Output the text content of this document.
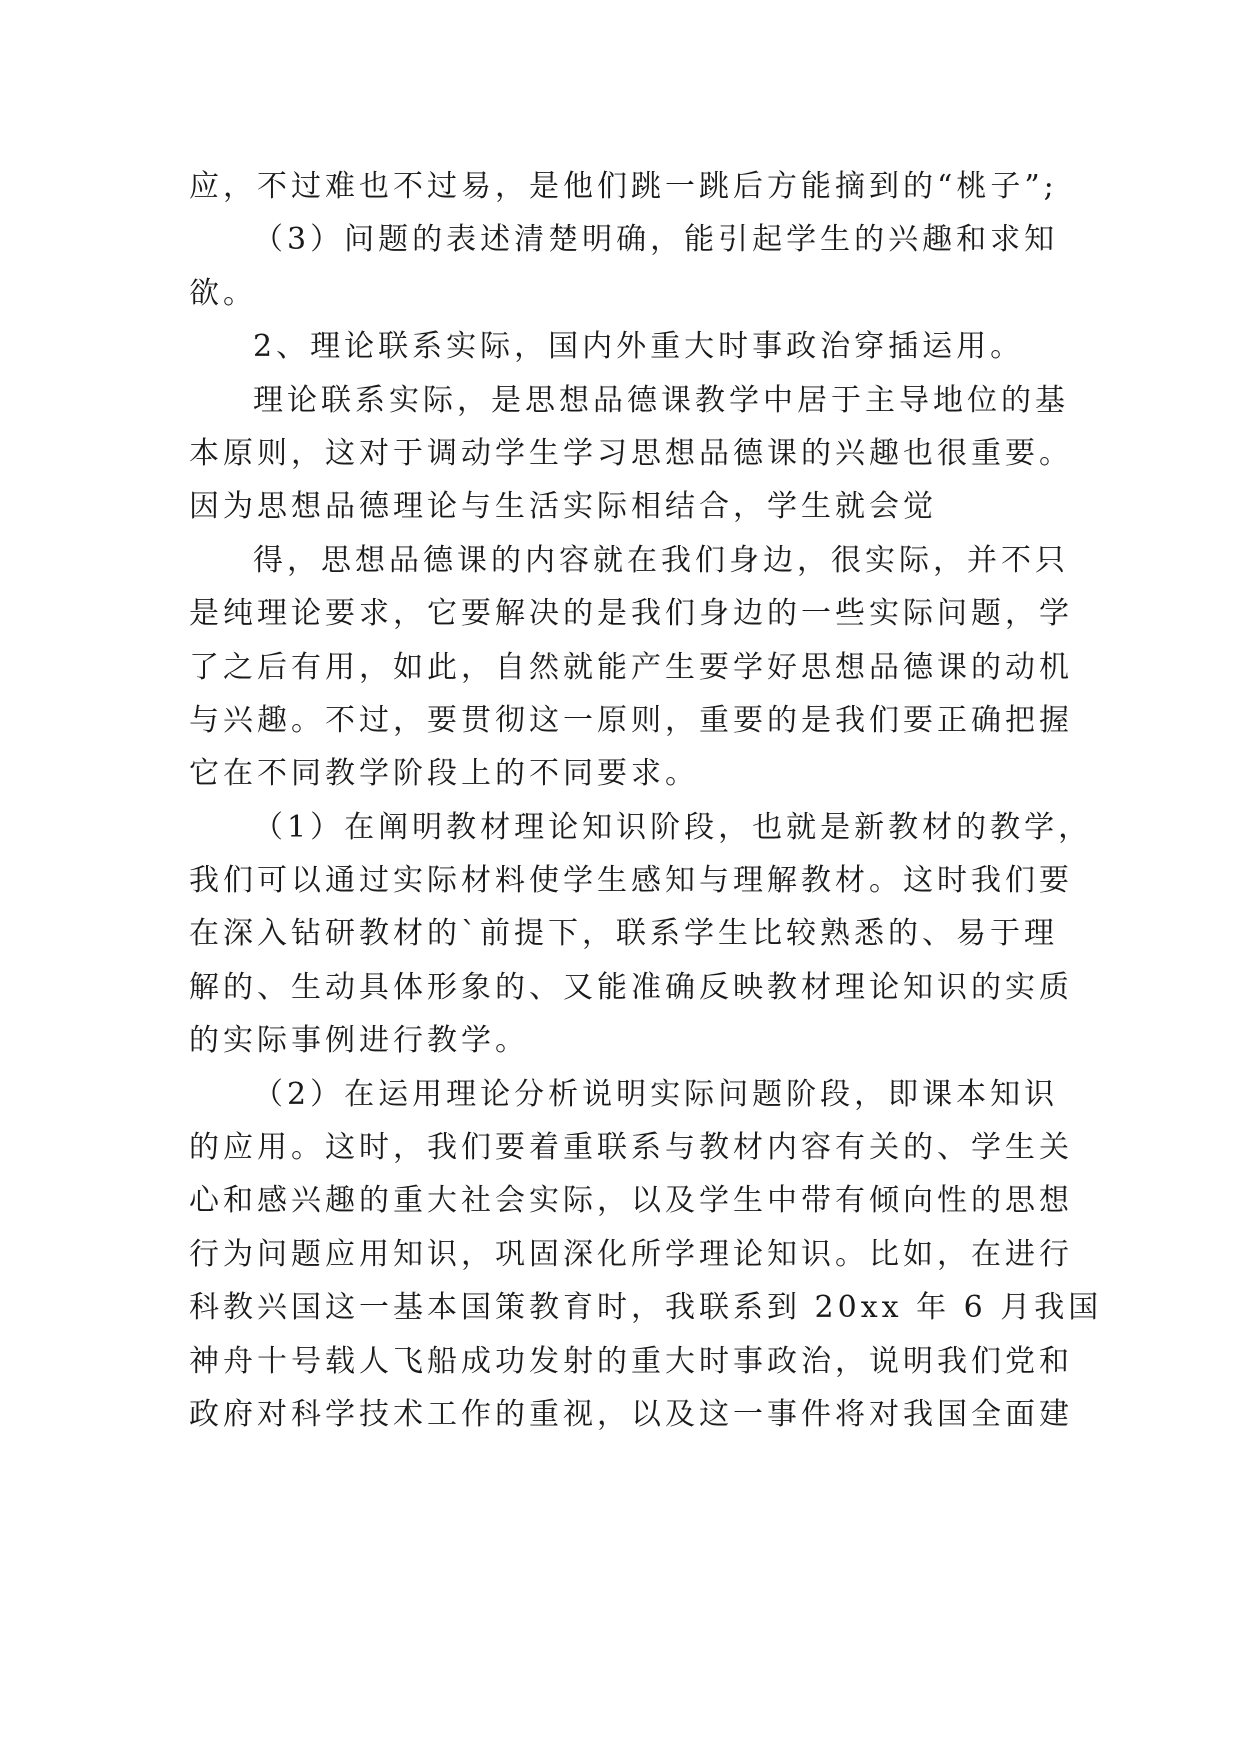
应，不过难也不过易，是他们跳一跳后方能摘到的“桃子”;
（3）问题的表述清楚明确，能引起学生的兴趣和求知
欲。
2、理论联系实际，国内外重大时事政治穿插运用。
理论联系实际，是思想品德课教学中居于主导地位的基
本原则，这对于调动学生学习思想品德课的兴趣也很重要。
因为思想品德理论与生活实际相结合，学生就会觉
得，思想品德课的内容就在我们身边，很实际，并不只
是纯理论要求，它要解决的是我们身边的一些实际问题，学
了之后有用，如此，自然就能产生要学好思想品德课的动机
与兴趣。不过，要贯彻这一原则，重要的是我们要正确把握
它在不同教学阶段上的不同要求。
（1）在阐明教材理论知识阶段，也就是新教材的教学，
我们可以通过实际材料使学生感知与理解教材。这时我们要
在深入钻研教材的`前提下，联系学生比较熟悉的、易于理
解的、生动具体形象的、又能准确反映教材理论知识的实质
的实际事例进行教学。
（2）在运用理论分析说明实际问题阶段，即课本知识
的应用。这时，我们要着重联系与教材内容有关的、学生关
心和感兴趣的重大社会实际，以及学生中带有倾向性的思想
行为问题应用知识，巩固深化所学理论知识。比如，在进行
科教兴国这一基本国策教育时，我联系到 20xx 年 6 月我国
神舟十号载人飞船成功发射的重大时事政治，说明我们党和
政府对科学技术工作的重视，以及这一事件将对我国全面建
